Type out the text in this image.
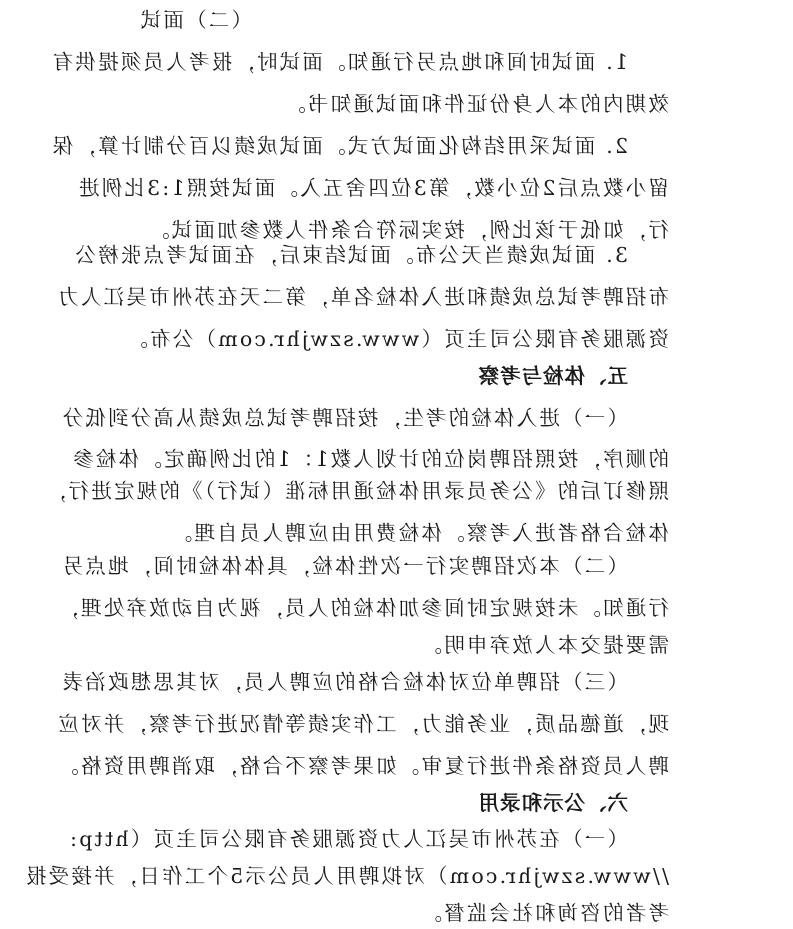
（二）面试
1. 面试时间和地点另行通知。面试时，报考人员须提供有
效期内的本人身份证件和面试通知书。
2. 面试采用结构化面试方式。面试成绩以百分制计算，保
留小数点后2位小数，第3位四舍五入。面试按照1:3比例进
行，如低于该比例，按实际符合条件人数参加面试。
3. 面试成绩当天公布。面试结束后，在面试考点张榜公
布招聘考试总成绩和进入体检名单，第二天在苏州市吴江人力
资源服务有限公司主页（www.szwjhr.com）公布。
五、体检与考察
（一）进入体检的考生，按招聘考试总成绩从高分到低分
的顺序，按照招聘岗位的计划人数1：1的比例确定。体检参
照修订后的《公务员录用体检通用标准（试行）》的规定进行，
体检合格者进入考察。体检费用由应聘人员自理。
（二）本次招聘实行一次性体检，具体体检时间，地点另
行通知。未按规定时间参加体检的人员，视为自动放弃处理，
需要提交本人放弃申明。
（三）招聘单位对体检合格的应聘人员，对其思想政治表
现，道德品质，业务能力，工作实绩等情况进行考察，并对应
聘人员资格条件进行复审。如果考察不合格，取消聘用资格。
六、公示和录用
（一）在苏州市吴江人力资源服务有限公司主页（http:
//www.szwjhr.com）对拟聘用人员公示5个工作日，并接受报
考者的咨询和社会监督。
